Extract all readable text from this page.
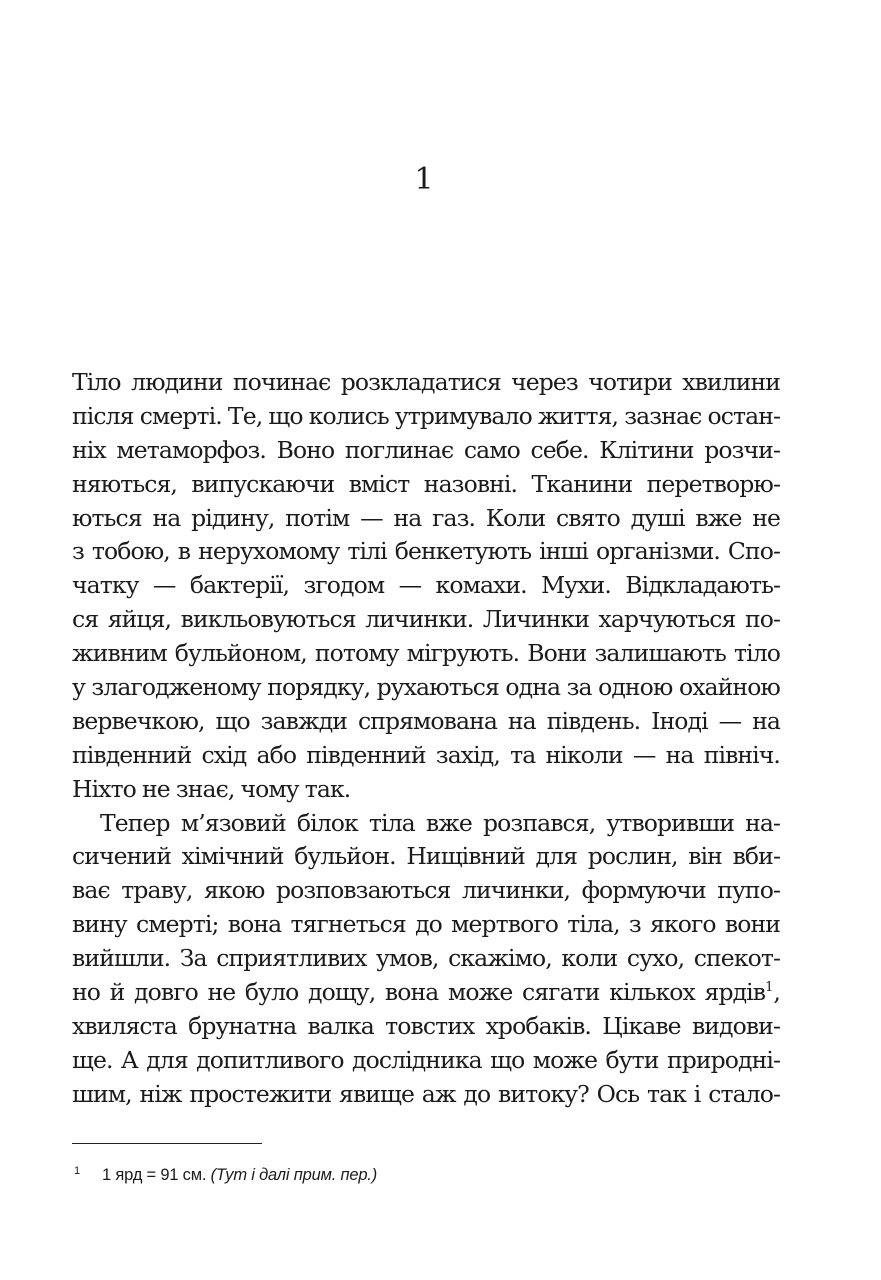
1
Тіло людини починає розкладатися через чотири хвилини
після смерті. Те, що колись утримувало життя, зазнає остан-
ніх метаморфоз. Воно поглинає само себе. Клітини розчи-
няються, випускаючи вміст назовні. Тканини перетворю-
ються на рідину, потім — на газ. Коли свято душі вже не
з тобою, в нерухомому тілі бенкетують інші організми. Спо-
чатку — бактерії, згодом — комахи. Мухи. Відкладають-
ся яйця, викльовуються личинки. Личинки харчуються по-
живним бульйоном, потому мігрують. Вони залишають тіло
у злагодженому порядку, рухаються одна за одною охайною
вервечкою, що завжди спрямована на південь. Іноді — на
південний схід або південний захід, та ніколи — на північ.
Ніхто не знає, чому так.
Тепер м’язовий білок тіла вже розпався, утворивши на-
сичений хімічний бульйон. Нищівний для рослин, він вби-
ває траву, якою розповзаються личинки, формуючи пупо-
вину смерті; вона тягнеться до мертвого тіла, з якого вони
вийшли. За сприятливих умов, скажімо, коли сухо, спекот-
но й довго не було дощу, вона може сягати кількох ярдів$^1$,
хвиляста брунатна валка товстих хробаків. Цікаве видови-
ще. А для допитливого дослідника що може бути природні-
шим, ніж простежити явище аж до витоку? Ось так і стало-
1 1 ярд = 91 см. (Тут і далі прим. пер.)
